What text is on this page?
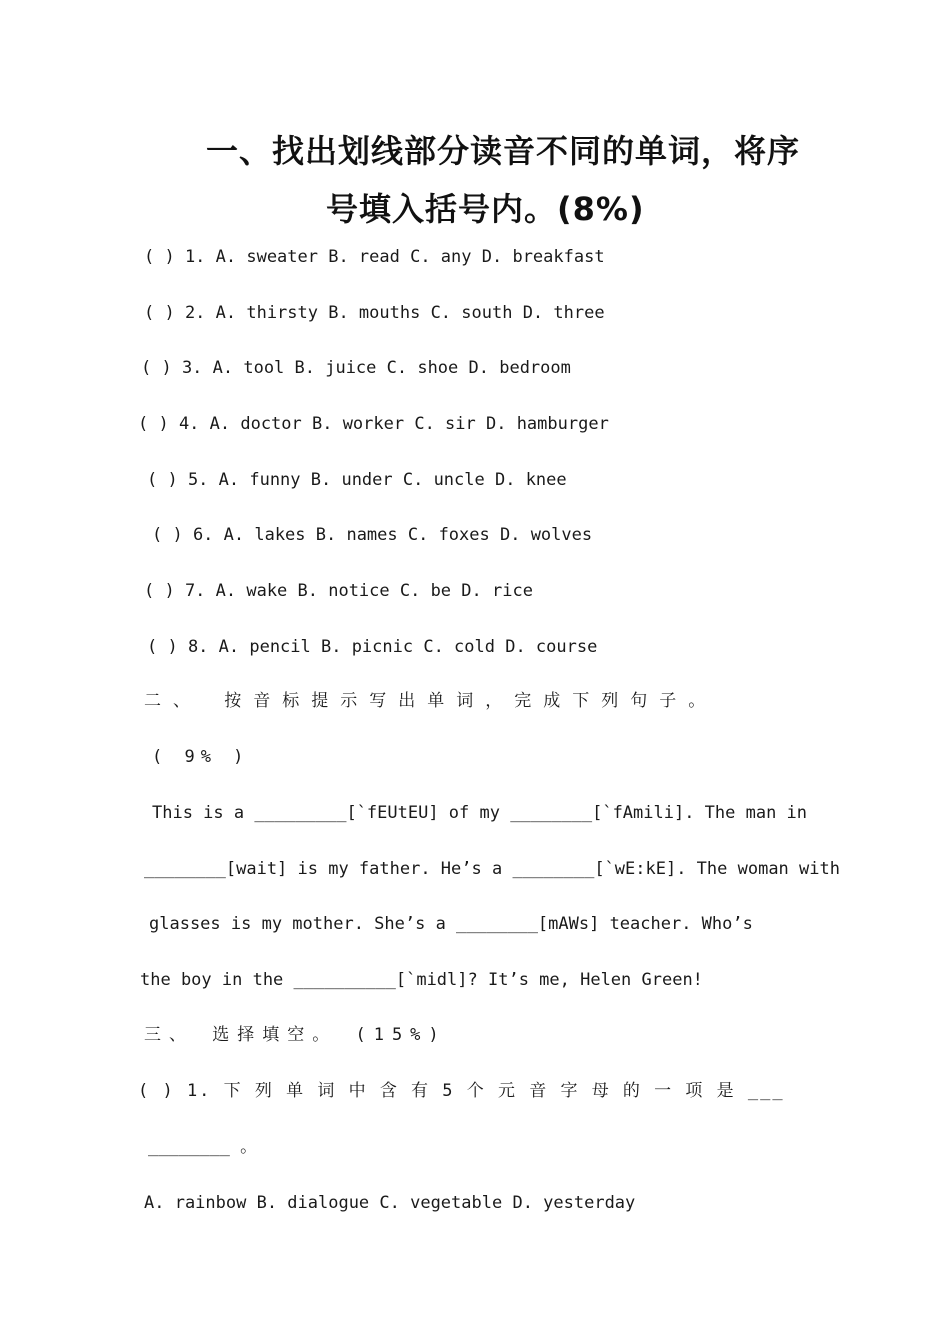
一、找出划线部分读音不同的单词，将序
号填入括号内。(8%)
( ) 1. A. sweater B. read C. any D. breakfast
( ) 2. A. thirsty B. mouths C. south D. three
( ) 3. A. tool B. juice C. shoe D. bedroom
( ) 4. A. doctor B. worker C. sir D. hamburger
( ) 5. A. funny B. under C. uncle D. knee
( ) 6. A. lakes B. names C. foxes D. wolves
( ) 7. A. wake B. notice C. be D. rice
( ) 8. A. pencil B. picnic C. cold D. course
二、 按音标提示写出单词，完成下列句子。
( 9% )
This is a _________[`fEUtEU] of my ________[`fAmili]. The man in
________[wait] is my father. He’s a ________[`wE:kE]. The woman with
glasses is my mother. She’s a ________[mAWs] teacher. Who’s
the boy in the __________[`midl]? It’s me, Helen Green!
三、 选择填空。 (15%)
( ) 1. 下 列 单 词 中 含 有 5 个 元 音 字 母 的 一 项 是 ___
________ 。
A. rainbow B. dialogue C. vegetable D. yesterday
